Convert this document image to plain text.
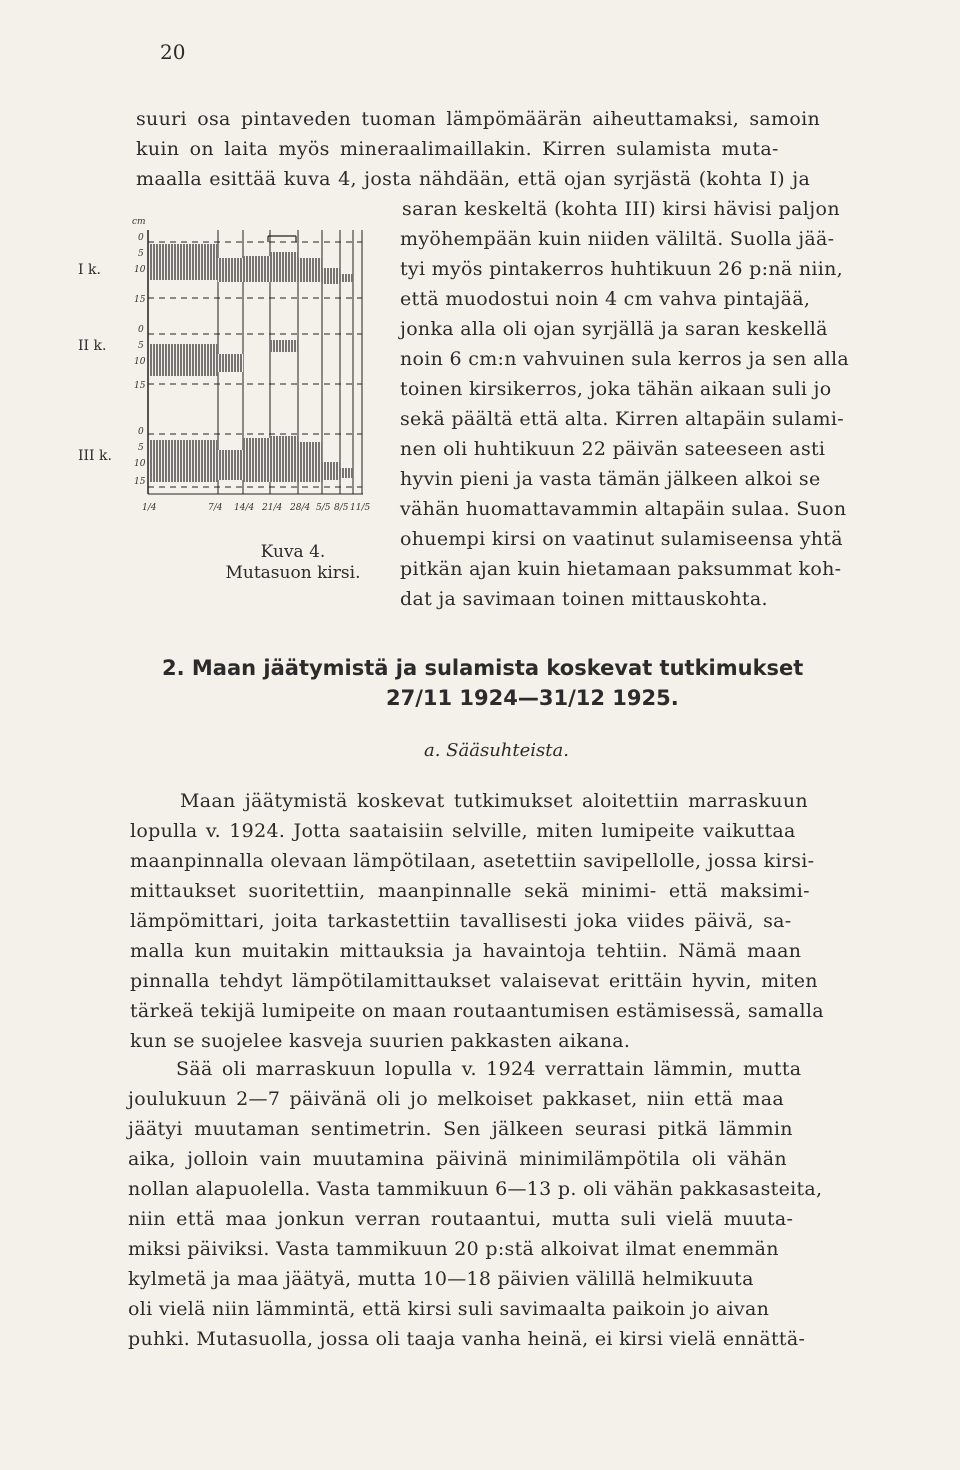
20
suuri osa pintaveden tuoman lämpömäärän aiheuttamaksi, samoin
kuin on laita myös mineraalimaillakin. Kirren sulamista muta-
maalla esittää kuva 4, josta nähdään, että ojan syrjästä (kohta I) ja
saran keskeltä (kohta III) kirsi hävisi paljon
myöhempään kuin niiden väliltä. Suolla jää-
tyi myös pintakerros huhtikuun 26 p:nä niin,
että muodostui noin 4 cm vahva pintajää,
jonka alla oli ojan syrjällä ja saran keskellä
noin 6 cm:n vahvuinen sula kerros ja sen alla
toinen kirsikerros, joka tähän aikaan suli jo
sekä päältä että alta. Kirren altapäin sulami-
nen oli huhtikuun 22 päivän sateeseen asti
hyvin pieni ja vasta tämän jälkeen alkoi se
vähän huomattavammin altapäin sulaa. Suon
ohuempi kirsi on vaatinut sulamiseensa yhtä
pitkän ajan kuin hietamaan paksummat koh-
dat ja savimaan toinen mittauskohta.
0
5
10
15
0
5
10
15
0
5
10
15
cm
1/4	7/4 14/4 21/4 28/4 5/5 8/5 11/5
I k.
II k.
III k.
Kuva 4.
Mutasuon kirsi.
2. Maan jäätymistä ja sulamista koskevat tutkimukset
27/11 1924—31/12 1925.
a. Sääsuhteista.
Maan jäätymistä koskevat tutkimukset aloitettiin marraskuun
lopulla v. 1924. Jotta saataisiin selville, miten lumipeite vaikuttaa
maanpinnalla olevaan lämpötilaan, asetettiin savipellolle, jossa kirsi-
mittaukset suoritettiin, maanpinnalle sekä minimi- että maksimi-
lämpömittari, joita tarkastettiin tavallisesti joka viides päivä, sa-
malla kun muitakin mittauksia ja havaintoja tehtiin. Nämä maan
pinnalla tehdyt lämpötilamittaukset valaisevat erittäin hyvin, miten
tärkeä tekijä lumipeite on maan routaantumisen estämisessä, samalla
kun se suojelee kasveja suurien pakkasten aikana.
Sää oli marraskuun lopulla v. 1924 verrattain lämmin, mutta
joulukuun 2—7 päivänä oli jo melkoiset pakkaset, niin että maa
jäätyi muutaman sentimetrin. Sen jälkeen seurasi pitkä lämmin
aika, jolloin vain muutamina päivinä minimilämpötila oli vähän
nollan alapuolella. Vasta tammikuun 6—13 p. oli vähän pakkasasteita,
niin että maa jonkun verran routaantui, mutta suli vielä muuta-
miksi päiviksi. Vasta tammikuun 20 p:stä alkoivat ilmat enemmän
kylmetä ja maa jäätyä, mutta 10—18 päivien välillä helmikuuta
oli vielä niin lämmintä, että kirsi suli savimaalta paikoin jo aivan
puhki. Mutasuolla, jossa oli taaja vanha heinä, ei kirsi vielä ennättä-
